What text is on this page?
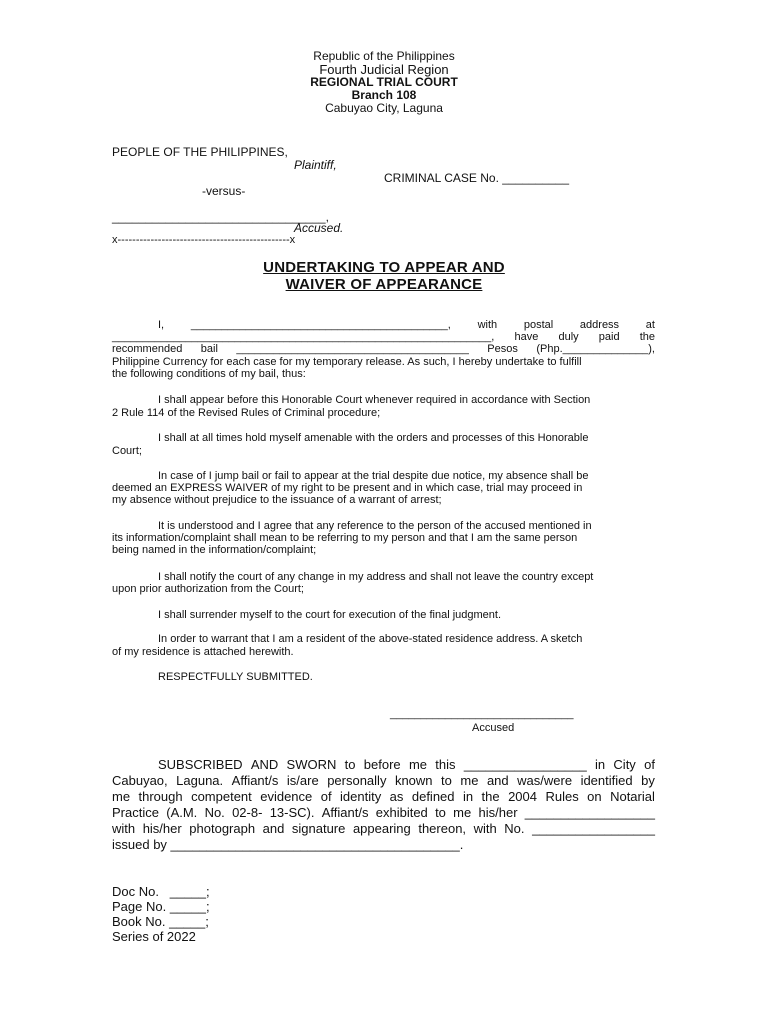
Republic of the Philippines
Fourth Judicial Region
REGIONAL TRIAL COURT
Branch 108
Cabuyao City, Laguna
PEOPLE OF THE PHILIPPINES,
Plaintiff,
CRIMINAL CASE No. __________
-versus-
________________________________,
Accused.
x-----------------------------------------------x
UNDERTAKING TO APPEAR AND
WAIVER OF APPEARANCE
I, __________________________________________, with postal address at
______________________________________________________________, have duly paid the
recommended bail ______________________________________ Pesos (Php.______________),
Philippine Currency for each case for my temporary release. As such, I hereby undertake to fulfill
the following conditions of my bail, thus:
I shall appear before this Honorable Court whenever required in accordance with Section
2 Rule 114 of the Revised Rules of Criminal procedure;
I shall at all times hold myself amenable with the orders and processes of this Honorable
Court;
In case of I jump bail or fail to appear at the trial despite due notice, my absence shall be
deemed an EXPRESS WAIVER of my right to be present and in which case, trial may proceed in
my absence without prejudice to the issuance of a warrant of arrest;
It is understood and I agree that any reference to the person of the accused mentioned in
its information/complaint shall mean to be referring to my person and that I am the same person
being named in the information/complaint;
I shall notify the court of any change in my address and shall not leave the country except
upon prior authorization from the Court;
I shall surrender myself to the court for execution of the final judgment.
In order to warrant that I am a resident of the above-stated residence address. A sketch
of my residence is attached herewith.
RESPECTFULLY SUBMITTED.
______________________________
Accused
SUBSCRIBED AND SWORN to before me this _________________ in City of
Cabuyao, Laguna. Affiant/s is/are personally known to me and was/were identified by
me through competent evidence of identity as defined in the 2004 Rules on Notarial
Practice (A.M. No. 02-8- 13-SC). Affiant/s exhibited to me his/her __________________
with his/her photograph and signature appearing thereon, with No. _________________
issued by ________________________________________.
Doc No.   _____;
Page No. _____;
Book No. _____;
Series of 2022
